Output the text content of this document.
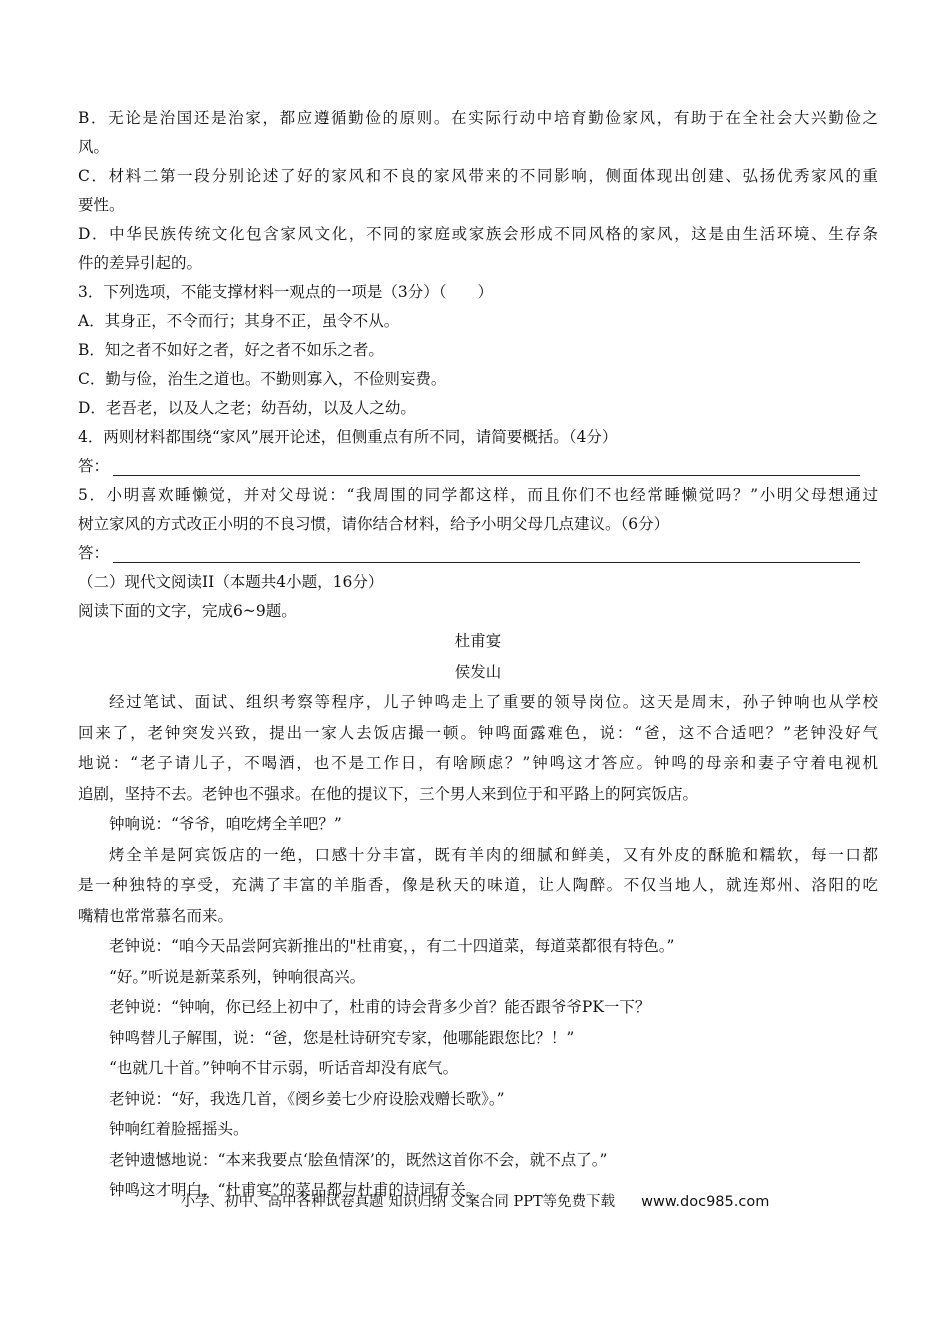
B．无论是治国还是治家，都应遵循勤俭的原则。在实际行动中培育勤俭家风，有助于在全社会大兴勤俭之
风。
C．材料二第一段分别论述了好的家风和不良的家风带来的不同影响，侧面体现出创建、弘扬优秀家风的重
要性。
D．中华民族传统文化包含家风文化，不同的家庭或家族会形成不同风格的家风，这是由生活环境、生存条
件的差异引起的。
3．下列选项，不能支撑材料一观点的一项是（3分）（　　）
A．其身正，不令而行；其身不正，虽令不从。
B．知之者不如好之者，好之者不如乐之者。
C．勤与俭，治生之道也。不勤则寡入，不俭则妄费。
D．老吾老，以及人之老；幼吾幼，以及人之幼。
4．两则材料都围绕“家风”展开论述，但侧重点有所不同，请简要概括。（4分）
答：
5．小明喜欢睡懒觉，并对父母说：“我周围的同学都这样，而且你们不也经常睡懒觉吗？”小明父母想通过
树立家风的方式改正小明的不良习惯，请你结合材料，给予小明父母几点建议。（6分）
答：
（二）现代文阅读II（本题共4小题，16分）
阅读下面的文字，完成6~9题。
杜甫宴
侯发山
经过笔试、面试、组织考察等程序，儿子钟鸣走上了重要的领导岗位。这天是周末，孙子钟响也从学校
回来了，老钟突发兴致，提出一家人去饭店撮一顿。钟鸣面露难色，说：“爸，这不合适吧？”老钟没好气
地说：“老子请儿子，不喝酒，也不是工作日，有啥顾虑？”钟鸣这才答应。钟鸣的母亲和妻子守着电视机
追剧，坚持不去。老钟也不强求。在他的提议下，三个男人来到位于和平路上的阿宾饭店。
钟响说：“爷爷，咱吃烤全羊吧？”
烤全羊是阿宾饭店的一绝，口感十分丰富，既有羊肉的细腻和鲜美，又有外皮的酥脆和糯软，每一口都
是一种独特的享受，充满了丰富的羊脂香，像是秋天的味道，让人陶醉。不仅当地人，就连郑州、洛阳的吃
嘴精也常常慕名而来。
老钟说：“咱今天品尝阿宾新推出的"杜甫宴，，有二十四道菜，每道菜都很有特色。”
“好。”听说是新菜系列，钟响很高兴。
老钟说：“钟响，你已经上初中了，杜甫的诗会背多少首？能否跟爷爷PK一下？
钟鸣替儿子解围，说：“爸，您是杜诗研究专家，他哪能跟您比？！”
“也就几十首。”钟响不甘示弱，听话音却没有底气。
老钟说：“好，我选几首，《阌乡姜七少府设脍戏赠长歌》。”
钟响红着脸摇摇头。
老钟遗憾地说：“本来我要点‘脍鱼情深’的，既然这首你不会，就不点了。”
钟鸣这才明白，“杜甫宴”的菜品都与杜甫的诗词有关。
小学、初中、高中各种试卷真题 知识归纳 文案合同 PPT等免费下载 www.doc985.com
